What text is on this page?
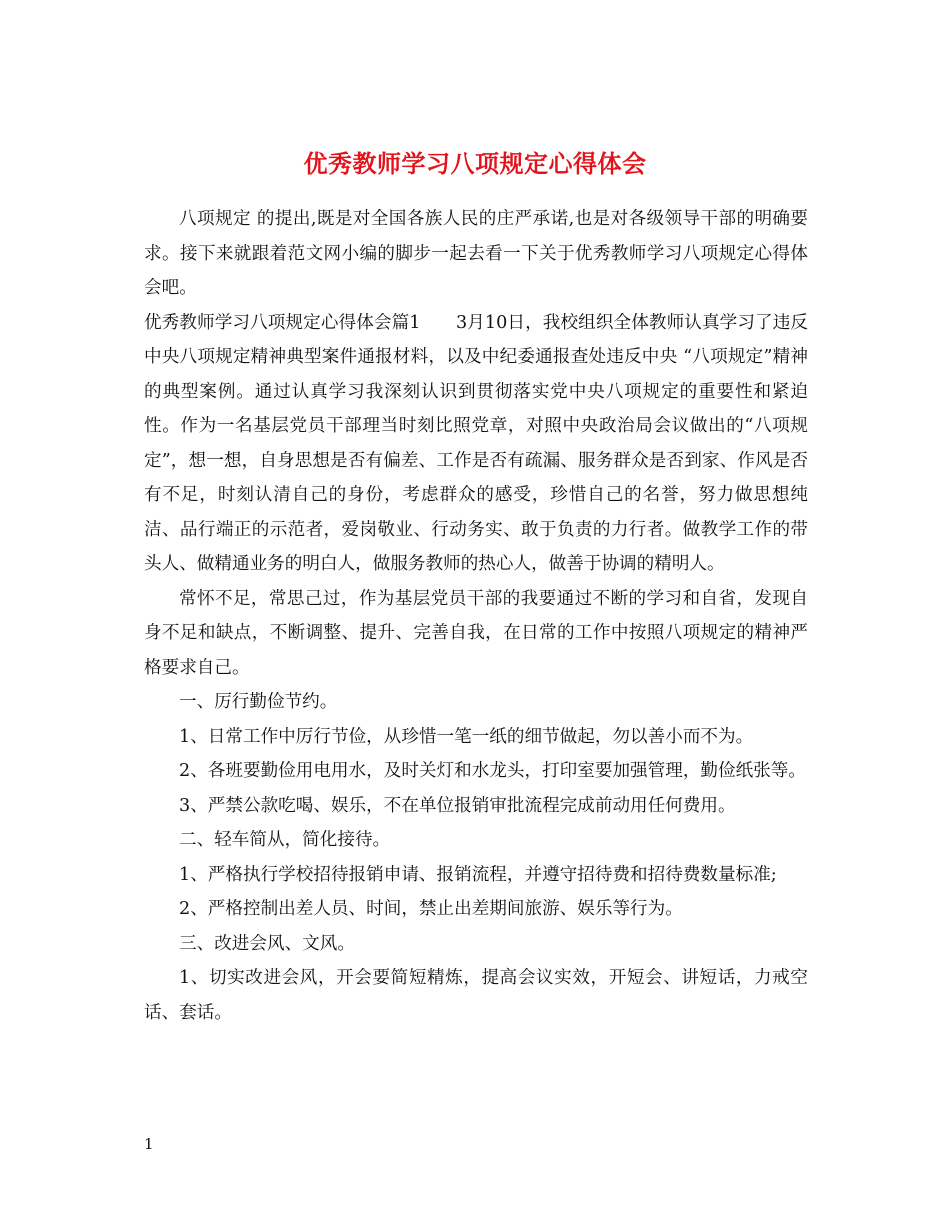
优秀教师学习八项规定心得体会

八项规定 的提出,既是对全国各族人民的庄严承诺,也是对各级领导干部的明确要求。接下来就跟着范文网小编的脚步一起去看一下关于优秀教师学习八项规定心得体会吧。

优秀教师学习八项规定心得体会篇1　　3月10日，我校组织全体教师认真学习了违反中央八项规定精神典型案件通报材料，以及中纪委通报查处违反中央 “八项规定”精神的典型案例。通过认真学习我深刻认识到贯彻落实党中央八项规定的重要性和紧迫性。作为一名基层党员干部理当时刻比照党章，对照中央政治局会议做出的“八项规定”，想一想，自身思想是否有偏差、工作是否有疏漏、服务群众是否到家、作风是否有不足，时刻认清自己的身份，考虑群众的感受，珍惜自己的名誉，努力做思想纯洁、品行端正的示范者，爱岗敬业、行动务实、敢于负责的力行者。做教学工作的带头人、做精通业务的明白人，做服务教师的热心人，做善于协调的精明人。

常怀不足，常思己过，作为基层党员干部的我要通过不断的学习和自省，发现自身不足和缺点，不断调整、提升、完善自我，在日常的工作中按照八项规定的精神严格要求自己。

一、厉行勤俭节约。

1、日常工作中厉行节俭，从珍惜一笔一纸的细节做起，勿以善小而不为。

2、各班要勤俭用电用水，及时关灯和水龙头，打印室要加强管理，勤俭纸张等。

3、严禁公款吃喝、娱乐，不在单位报销审批流程完成前动用任何费用。

二、轻车简从，简化接待。

1、严格执行学校招待报销申请、报销流程，并遵守招待费和招待费数量标准;

2、严格控制出差人员、时间，禁止出差期间旅游、娱乐等行为。

三、改进会风、文风。

1、切实改进会风，开会要简短精炼，提高会议实效，开短会、讲短话，力戒空话、套话。

1
